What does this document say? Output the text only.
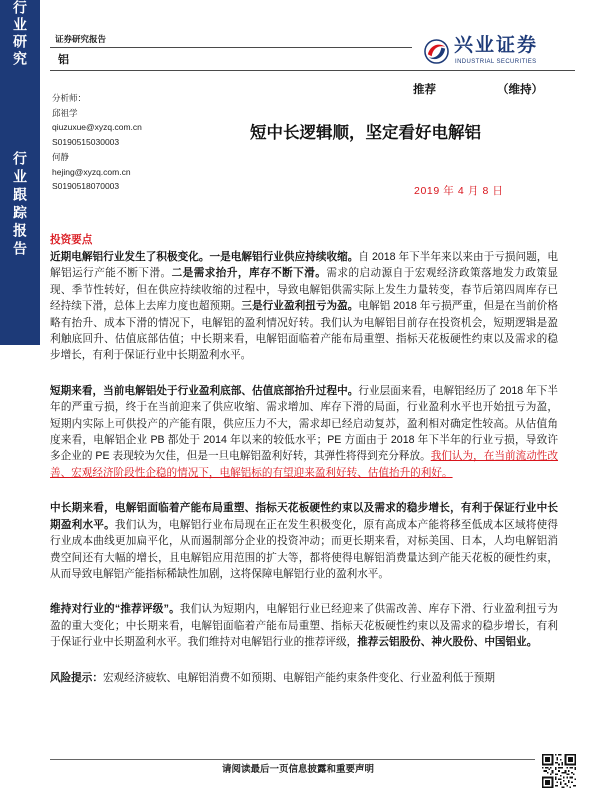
行业研究
行业跟踪报告
证券研究报告
铝
兴业证券
INDUSTRIAL SECURITIES
推荐	（维持）
分析师：
邱祖学
qiuzuxue@xyzq.com.cn
S0190515030003
何静
hejing@xyzq.com.cn
S0190518070003
短中长逻辑顺，坚定看好电解铝
2019 年 4 月 8 日
投资要点

近期电解铝行业发生了积极变化。一是电解铝行业供应持续收缩。自 2018 年下半年来以来由于亏损问题，电解铝运行产能不断下滑。二是需求抬升，库存不断下滑。需求的启动源自于宏观经济政策落地发力政策显现、季节性转好，但在供应持续收缩的过程中，导致电解铝供需实际上发生力量转变，春节后第四周库存已经持续下滑，总体上去库力度也超预期。三是行业盈利扭亏为盈。电解铝 2018 年亏损严重，但是在当前价格略有抬升、成本下滑的情况下，电解铝的盈利情况好转。我们认为电解铝目前存在投资机会，短期逻辑是盈利触底回升、估值底部估值；中长期来看，电解铝面临着产能布局重塑、指标天花板硬性约束以及需求的稳步增长，有利于保证行业中长期盈利水平。

短期来看，当前电解铝处于行业盈利底部、估值底部抬升过程中。行业层面来看，电解铝经历了 2018 年下半年的严重亏损，终于在当前迎来了供应收缩、需求增加、库存下滑的局面，行业盈利水平也开始扭亏为盈，短期内实际上可供投产的产能有限，供应压力不大，需求却已经启动复苏，盈利相对确定性较高。从估值角度来看，电解铝企业 PB 都处于 2014 年以来的较低水平；PE 方面由于 2018 年下半年的行业亏损，导致许多企业的 PE 表现较为欠佳，但是一旦电解铝盈利好转，其弹性将得到充分释放。我们认为，在当前流动性改善、宏观经济阶段性企稳的情况下，电解铝标的有望迎来盈利好转、估值抬升的利好。

中长期来看，电解铝面临着产能布局重塑、指标天花板硬性约束以及需求的稳步增长，有利于保证行业中长期盈利水平。我们认为，电解铝行业布局现在正在发生积极变化，原有高成本产能将移至低成本区域将使得行业成本曲线更加扁平化，从而遏制部分企业的投资冲动；而更长期来看，对标美国、日本，人均电解铝消费空间还有大幅的增长，且电解铝应用范围的扩大等，都将使得电解铝消费量达到产能天花板的硬性约束，从而导致电解铝产能指标稀缺性加剧，这将保障电解铝行业的盈利水平。

维持对行业的“推荐评级”。我们认为短期内，电解铝行业已经迎来了供需改善、库存下滑、行业盈利扭亏为盈的重大变化；中长期来看，电解铝面临着产能布局重塑、指标天花板硬性约束以及需求的稳步增长，有利于保证行业中长期盈利水平。我们维持对电解铝行业的推荐评级，推荐云铝股份、神火股份、中国铝业。

风险提示：宏观经济疲软、电解铝消费不如预期、电解铝产能约束条件变化、行业盈利低于预期

请阅读最后一页信息披露和重要声明
